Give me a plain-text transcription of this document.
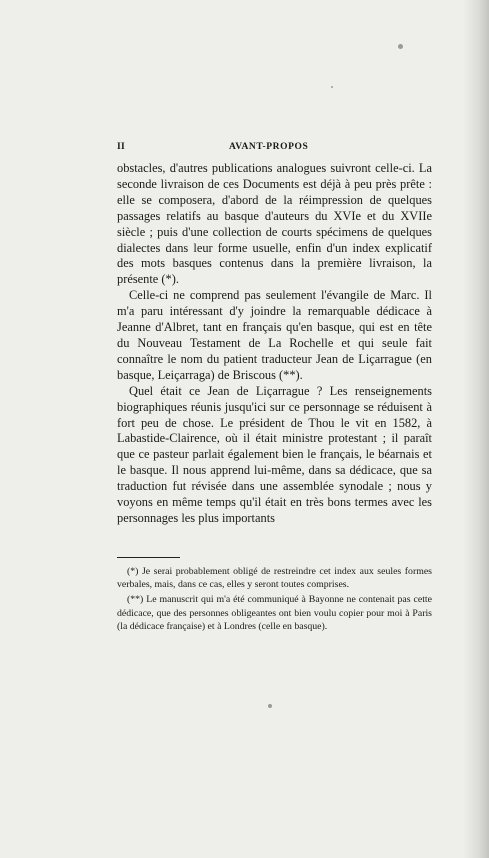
II	AVANT-PROPOS

obstacles, d'autres publications analogues suivront celle-ci. La seconde livraison de ces Documents est déjà à peu près prête : elle se composera, d'abord de la réimpression de quelques passages relatifs au basque d'auteurs du XVIe et du XVIIe siècle ; puis d'une collection de courts spécimens de quelques dialectes dans leur forme usuelle, enfin d'un index explicatif des mots basques contenus dans la première livraison, la présente (*).

Celle-ci ne comprend pas seulement l'évangile de Marc. Il m'a paru intéressant d'y joindre la remarquable dédicace à Jeanne d'Albret, tant en français qu'en basque, qui est en tête du Nouveau Testament de La Rochelle et qui seule fait connaître le nom du patient traducteur Jean de Liçarrague (en basque, Leiçarraga) de Briscous (**).

Quel était ce Jean de Liçarrague ? Les renseignements biographiques réunis jusqu'ici sur ce personnage se réduisent à fort peu de chose. Le président de Thou le vit en 1582, à Labastide-Clairence, où il était ministre protestant ; il paraît que ce pasteur parlait également bien le français, le béarnais et le basque. Il nous apprend lui-même, dans sa dédicace, que sa traduction fut révisée dans une assemblée synodale ; nous y voyons en même temps qu'il était en très bons termes avec les personnages les plus importants

(*) Je serai probablement obligé de restreindre cet index aux seules formes verbales, mais, dans ce cas, elles y seront toutes comprises.

(**) Le manuscrit qui m'a été communiqué à Bayonne ne contenait pas cette dédicace, que des personnes obligeantes ont bien voulu copier pour moi à Paris (la dédicace française) et à Londres (celle en basque).
